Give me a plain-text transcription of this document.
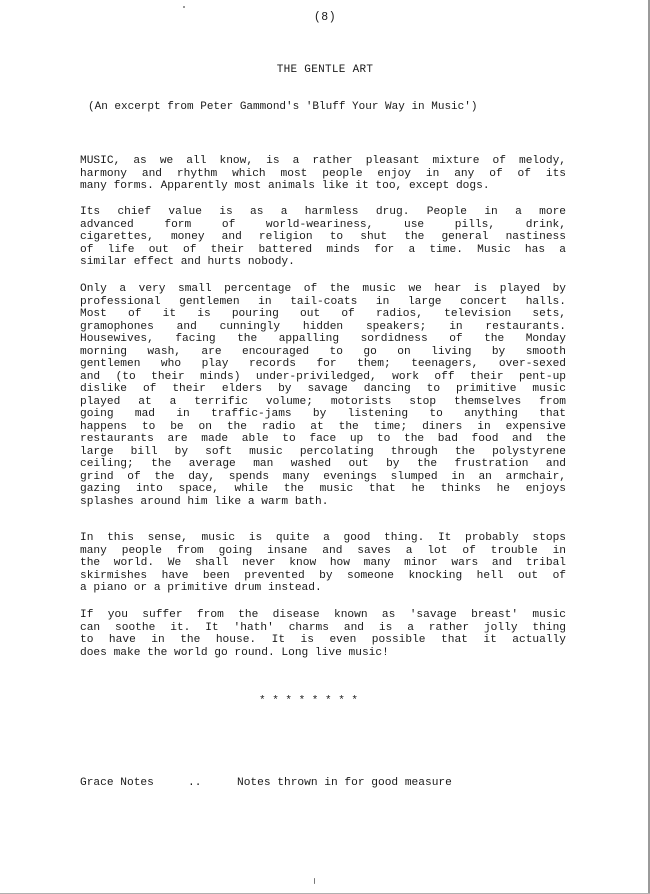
(8)
THE GENTLE ART
(An excerpt from Peter Gammond's 'Bluff Your Way in Music')
MUSIC, as we all know, is a rather pleasant mixture of melody,
harmony and rhythm which most people enjoy in any of of its
many forms. Apparently most animals like it too, except dogs.
Its chief value is as a harmless drug. People in a more
advanced form of world-weariness, use pills, drink,
cigarettes, money and religion to shut the general nastiness
of life out of their battered minds for a time. Music has a
similar effect and hurts nobody.
Only a very small percentage of the music we hear is played by
professional gentlemen in tail-coats in large concert halls.
Most of it is pouring out of radios, television sets,
gramophones and cunningly hidden speakers; in restaurants.
Housewives, facing the appalling sordidness of the Monday
morning wash, are encouraged to go on living by smooth
gentlemen who play records for them; teenagers, over-sexed
and (to their minds) under-priviledged, work off their pent-up
dislike of their elders by savage dancing to primitive music
played at a terrific volume; motorists stop themselves from
going mad in traffic-jams by listening to anything that
happens to be on the radio at the time; diners in expensive
restaurants are made able to face up to the bad food and the
large bill by soft music percolating through the polystyrene
ceiling; the average man washed out by the frustration and
grind of the day, spends many evenings slumped in an armchair,
gazing into space, while the music that he thinks he enjoys
splashes around him like a warm bath.
In this sense, music is quite a good thing. It probably stops
many people from going insane and saves a lot of trouble in
the world. We shall never know how many minor wars and tribal
skirmishes have been prevented by someone knocking hell out of
a piano or a primitive drum instead.
If you suffer from the disease known as 'savage breast' music
can soothe it. It 'hath' charms and is a rather jolly thing
to have in the house. It is even possible that it actually
does make the world go round. Long live music!
* * * * * * * *
Grace Notes	..	Notes thrown in for good measure
